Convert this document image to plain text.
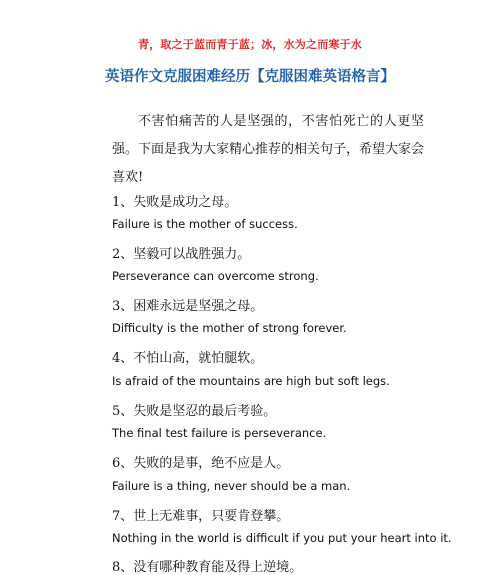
青，取之于蓝而青于蓝；冰，水为之而寒于水
英语作文克服困难经历【克服困难英语格言】
不害怕痛苦的人是坚强的，不害怕死亡的人更坚强。下面是我为大家精心推荐的相关句子，希望大家会喜欢!
1、失败是成功之母。
Failure is the mother of success.
2、坚毅可以战胜强力。
Perseverance can overcome strong.
3、困难永远是坚强之母。
Difficulty is the mother of strong forever.
4、不怕山高，就怕腿软。
Is afraid of the mountains are high but soft legs.
5、失败是坚忍的最后考验。
The final test failure is perseverance.
6、失败的是事，绝不应是人。
Failure is a thing, never should be a man.
7、世上无难事，只要肯登攀。
Nothing in the world is difficult if you put your heart into it.
8、没有哪种教育能及得上逆境。
